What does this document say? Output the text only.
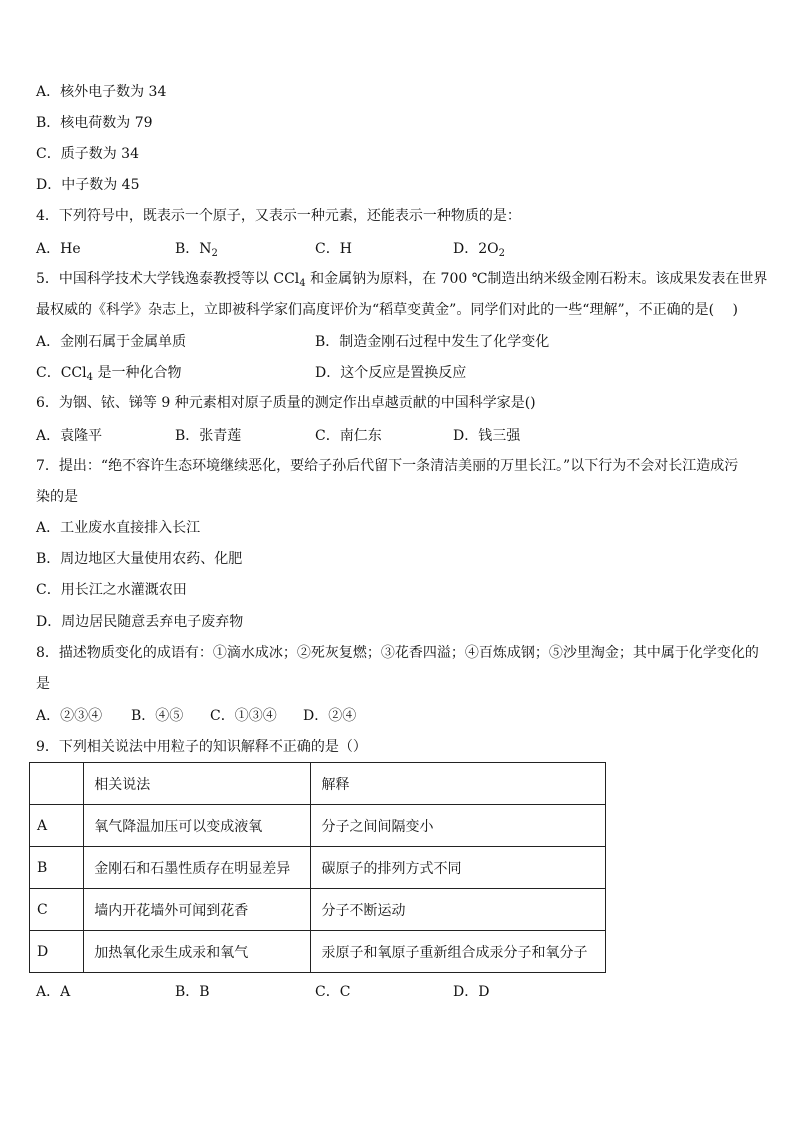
A．核外电子数为 34
B．核电荷数为 79
C．质子数为 34
D．中子数为 45
4．下列符号中，既表示一个原子，又表示一种元素，还能表示一种物质的是：
A．He	B．$N_2$	C．H	D．$2O_2$
5．中国科学技术大学钱逸泰教授等以 CCl$_4$ 和金属钠为原料，在 700 ℃制造出纳米级金刚石粉末。该成果发表在世界
最权威的《科学》杂志上，立即被科学家们高度评价为“稻草变黄金”。同学们对此的一些“理解”，不正确的是(　 )
A．金刚石属于金属单质	B．制造金刚石过程中发生了化学变化
C．CCl$_4$ 是一种化合物	D．这个反应是置换反应
6．为铟、铱、锑等 9 种元素相对原子质量的测定作出卓越贡献的中国科学家是()
A．袁隆平	B．张青莲	C．南仁东	D．钱三强
7．提出：“绝不容许生态环境继续恶化，要给子孙后代留下一条清洁美丽的万里长江。”以下行为不会对长江造成污
染的是
A．工业废水直接排入长江
B．周边地区大量使用农药、化肥
C．用长江之水灌溉农田
D．周边居民随意丢弃电子废弃物
8．描述物质变化的成语有：①滴水成冰；②死灰复燃；③花香四溢；④百炼成钢；⑤沙里淘金；其中属于化学变化的
是
A．②③④ B．④⑤ C．①③④ D．②④
9．下列相关说法中用粒子的知识解释不正确的是（）
	相关说法	解释
A	氧气降温加压可以变成液氧	分子之间间隔变小
B	金刚石和石墨性质存在明显差异	碳原子的排列方式不同
C	墙内开花墙外可闻到花香	分子不断运动
D	加热氧化汞生成汞和氧气	汞原子和氧原子重新组合成汞分子和氧分子
A．A	B．B	C．C	D．D
